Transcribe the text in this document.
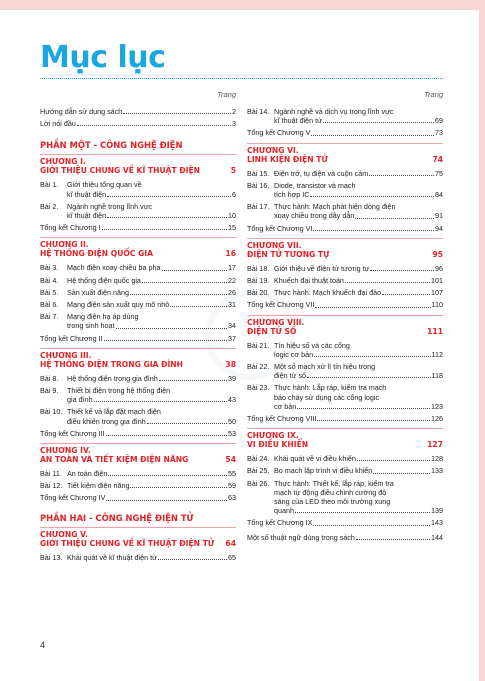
Mục lục
Trang
Hướng dẫn sử dụng sách	2
Lời nói đầu	3
PHẦN MỘT - CÔNG NGHỆ ĐIỆN
CHƯƠNG I.
GIỚI THIỆU CHUNG VỀ KĨ THUẬT ĐIỆN	5
Bài 1.	Giới thiệu tổng quan về
kĩ thuật điện	6
Bài 2.	Ngành nghề trong lĩnh vực
kĩ thuật điện	10
Tổng kết Chương I	15
CHƯƠNG II.
HỆ THỐNG ĐIỆN QUỐC GIA	16
Bài 3.	Mạch điện xoay chiều ba pha	17
Bài 4.	Hệ thống điện quốc gia	22
Bài 5.	Sản xuất điện năng	26
Bài 6.	Mạng điện sản xuất quy mô nhỏ	31
Bài 7.	Mạng điện hạ áp dùng
trong sinh hoạt	34
Tổng kết Chương II	37
CHƯƠNG III.
HỆ THỐNG ĐIỆN TRONG GIA ĐÌNH	38
Bài 8.	Hệ thống điện trong gia đình	39
Bài 9.	Thiết bị điện trong hệ thống điện
gia đình	43
Bài 10. Thiết kế và lắp đặt mạch điện
điều khiển trong gia đình	50
Tổng kết Chương III	53
CHƯƠNG IV.
AN TOÀN VÀ TIẾT KIỆM ĐIỆN NĂNG	54
Bài 11. An toàn điện	55
Bài 12. Tiết kiệm điện năng	59
Tổng kết Chương IV	63
PHẦN HAI - CÔNG NGHỆ ĐIỆN TỬ
CHƯƠNG V.
GIỚI THIỆU CHUNG VỀ KĨ THUẬT ĐIỆN TỬ 64
Bài 13. Khái quát về kĩ thuật điện tử	65
Trang
Bài 14. Ngành nghề và dịch vụ trong lĩnh vực
kĩ thuật điện tử	69
Tổng kết Chương V	73
CHƯƠNG VI.
LINH KIỆN ĐIỆN TỬ	74
Bài 15. Điện trở, tụ điện và cuộn cảm	75
Bài 16. Diode, transistor và mạch
tích hợp IC	84
Bài 17. Thực hành: Mạch phát hiện dòng điện
xoay chiều trong dây dẫn	91
Tổng kết Chương VI	94
CHƯƠNG VII.
ĐIỆN TỬ TƯƠNG TỰ	95
Bài 18. Giới thiệu về điện tử tương tự	96
Bài 19. Khuếch đại thuật toán	101
Bài 20. Thực hành: Mạch khuếch đại đảo	107
Tổng kết Chương VII	110
CHƯƠNG VIII.
ĐIỆN TỬ SỐ	111
Bài 21. Tín hiệu số và các cổng
logic cơ bản	112
Bài 22. Một số mạch xử lí tín hiệu trong
điện tử số	118
Bài 23. Thực hành: Lắp ráp, kiểm tra mạch
báo cháy sử dụng các cổng logic
cơ bản	123
Tổng kết Chương VIII	126
CHƯƠNG IX.
VI ĐIỀU KHIỂN	127
Bài 24. Khái quát về vi điều khiển	128
Bài 25. Bo mạch lập trình vi điều khiển	133
Bài 26. Thực hành: Thiết kế, lắp ráp, kiểm tra
mạch tự động điều chỉnh cường độ
sáng của LED theo môi trường xung
quanh	139
Tổng kết Chương IX	143
Một số thuật ngữ dùng trong sách	144
4
